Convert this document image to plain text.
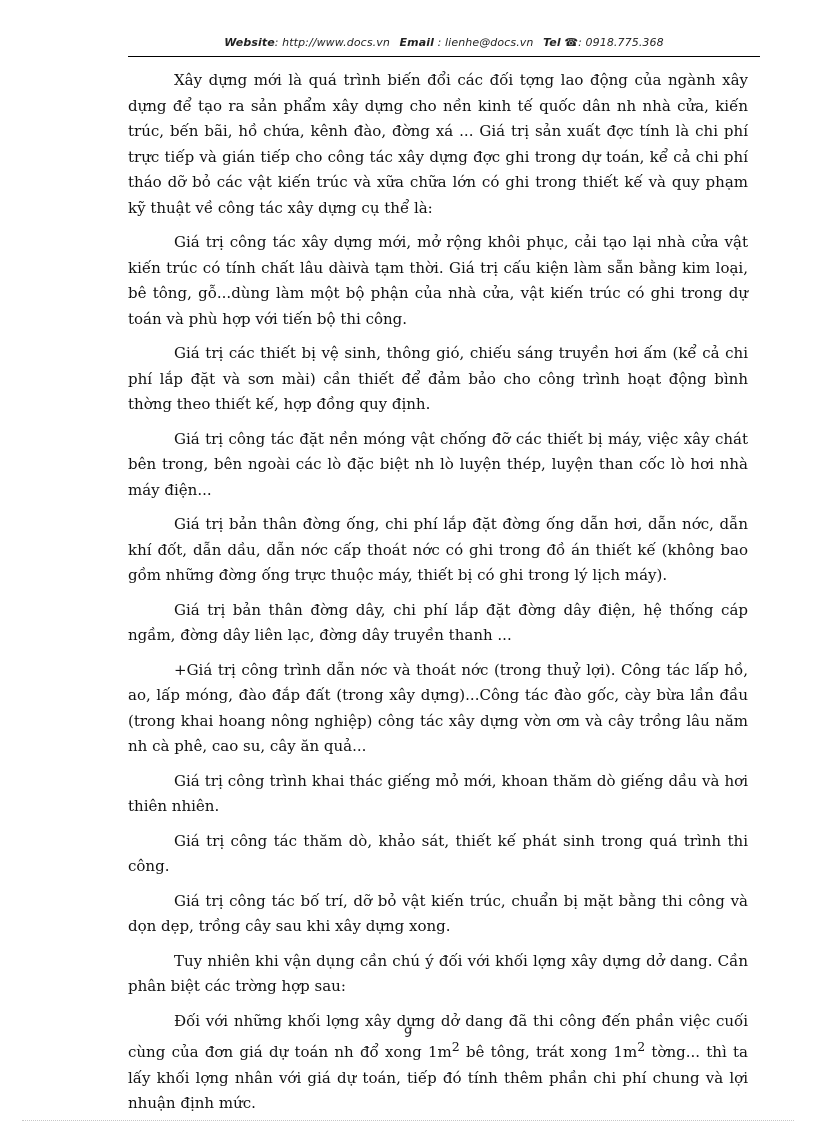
Website: http://www.docs.vn Email : lienhe@docs.vn Tel ☎: 0918.775.368

Xây dựng mới là quá trình biến đổi các đối tợng lao động của ngành xây dựng để tạo ra sản phẩm xây dựng cho nền kinh tế quốc dân nh nhà cửa, kiến trúc, bến bãi, hồ chứa, kênh đào, đờng xá ... Giá trị sản xuất đợc tính là chi phí trực tiếp và gián tiếp cho công tác xây dựng đợc ghi trong dự toán, kể cả chi phí tháo dỡ bỏ các vật kiến trúc và xữa chữa lớn có ghi trong thiết kế và quy phạm kỹ thuật về công tác xây dựng cụ thể là:

Giá trị công tác xây dựng mới, mở rộng khôi phục, cải tạo lại nhà cửa vật kiến trúc có tính chất lâu dàivà tạm thời. Giá trị cấu kiện làm sẵn bằng kim loại, bê tông, gỗ...dùng làm một bộ phận của nhà cửa, vật kiến trúc có ghi trong dự toán và phù hợp với tiến bộ thi công.

Giá trị các thiết bị vệ sinh, thông gió, chiếu sáng truyền hơi ấm (kể cả chi phí lắp đặt và sơn mài) cần thiết để đảm bảo cho công trình hoạt động bình thờng theo thiết kế, hợp đồng quy định.

Giá trị công tác đặt nền móng vật chống đỡ các thiết bị máy, việc xây chát bên trong, bên ngoài các lò đặc biệt nh lò luyện thép, luyện than cốc lò hơi nhà máy điện...

Giá trị bản thân đờng ống, chi phí lắp đặt đờng ống dẫn hơi, dẫn nớc, dẫn khí đốt, dẫn dầu, dẫn nớc cấp thoát nớc có ghi trong đồ án thiết kế (không bao gồm những đờng ống trực thuộc máy, thiết bị có ghi trong lý lịch máy).

Giá trị bản thân đờng dây, chi phí lắp đặt đờng dây điện, hệ thống cáp ngầm, đờng dây liên lạc, đờng dây truyền thanh ...

+Giá trị công trình dẫn nớc và thoát nớc (trong thuỷ lợi). Công tác lấp hồ, ao, lấp móng, đào đắp đất (trong xây dựng)...Công tác đào gốc, cày bừa lần đầu (trong khai hoang nông nghiệp) công tác xây dựng vờn ơm và cây trồng lâu năm nh cà phê, cao su, cây ăn quả...

Giá trị công trình khai thác giếng mỏ mới, khoan thăm dò giếng dầu và hơi thiên nhiên.

Giá trị công tác thăm dò, khảo sát, thiết kế phát sinh trong quá trình thi công.

Giá trị công tác bố trí, dỡ bỏ vật kiến trúc, chuẩn bị mặt bằng thi công và dọn dẹp, trồng cây sau khi xây dựng xong.

Tuy nhiên khi vận dụng cần chú ý đối với khối lợng xây dựng dở dang. Cần phân biệt các trờng hợp sau:

Đối với những khối lợng xây dựng dở dang đã thi công đến phần việc cuối cùng của đơn giá dự toán nh đổ xong $1m^2$ bê tông, trát xong $1m^2$ tờng... thì ta lấy khối lợng nhân với giá dự toán, tiếp đó tính thêm phần chi phí chung và lợi nhuận định mức.

9
